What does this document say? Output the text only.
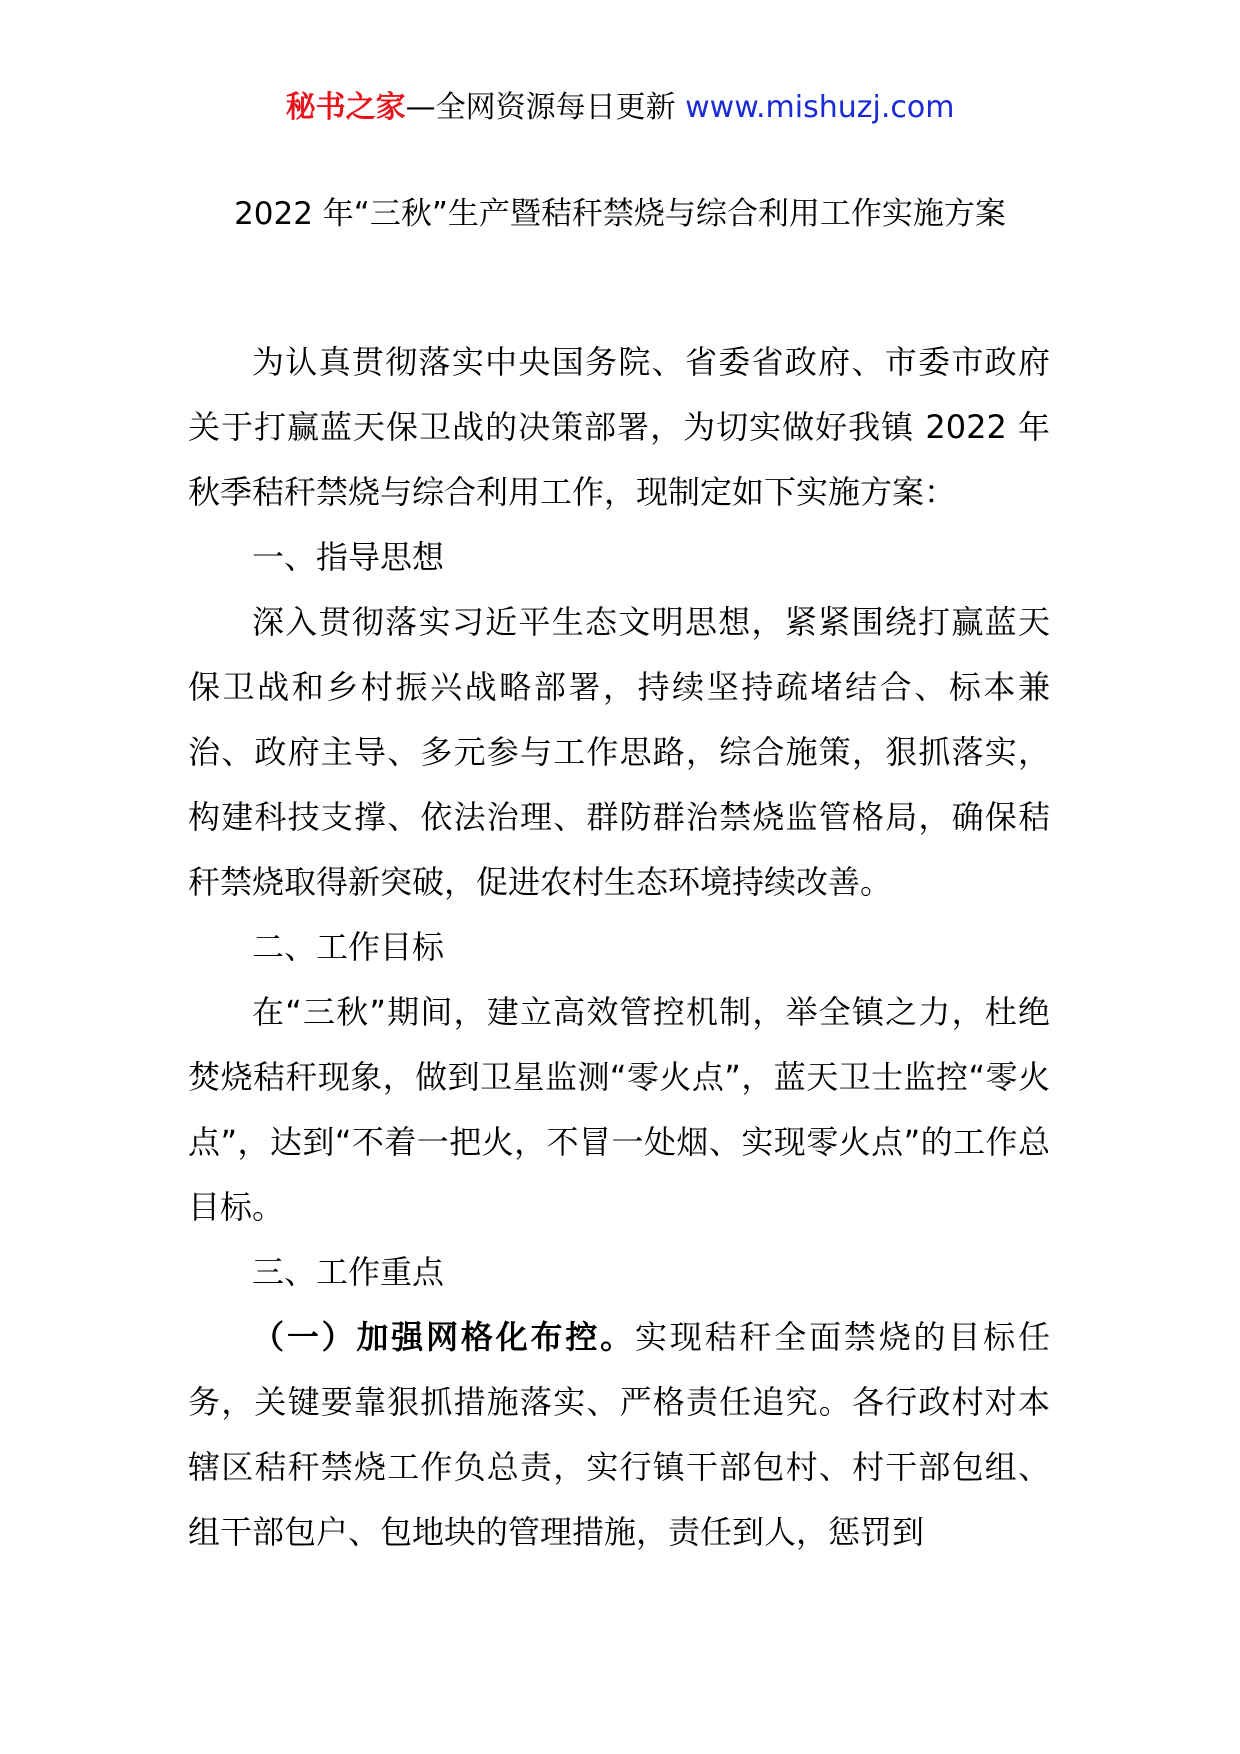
秘书之家—全网资源每日更新 www.mishuzj.com
2022 年“三秋”生产暨秸秆禁烧与综合利用工作实施方案

为认真贯彻落实中央国务院、省委省政府、市委市政府关于打赢蓝天保卫战的决策部署，为切实做好我镇 2022 年秋季秸秆禁烧与综合利用工作，现制定如下实施方案：

一、指导思想

深入贯彻落实习近平生态文明思想，紧紧围绕打赢蓝天保卫战和乡村振兴战略部署，持续坚持疏堵结合、标本兼治、政府主导、多元参与工作思路，综合施策，狠抓落实，构建科技支撑、依法治理、群防群治禁烧监管格局，确保秸秆禁烧取得新突破，促进农村生态环境持续改善。

二、工作目标

在“三秋”期间，建立高效管控机制，举全镇之力，杜绝焚烧秸秆现象，做到卫星监测“零火点”，蓝天卫士监控“零火点”，达到“不着一把火，不冒一处烟、实现零火点”的工作总目标。

三、工作重点

（一）加强网格化布控。实现秸秆全面禁烧的目标任务，关键要靠狠抓措施落实、严格责任追究。各行政村对本辖区秸秆禁烧工作负总责，实行镇干部包村、村干部包组、组干部包户、包地块的管理措施，责任到人，惩罚到
